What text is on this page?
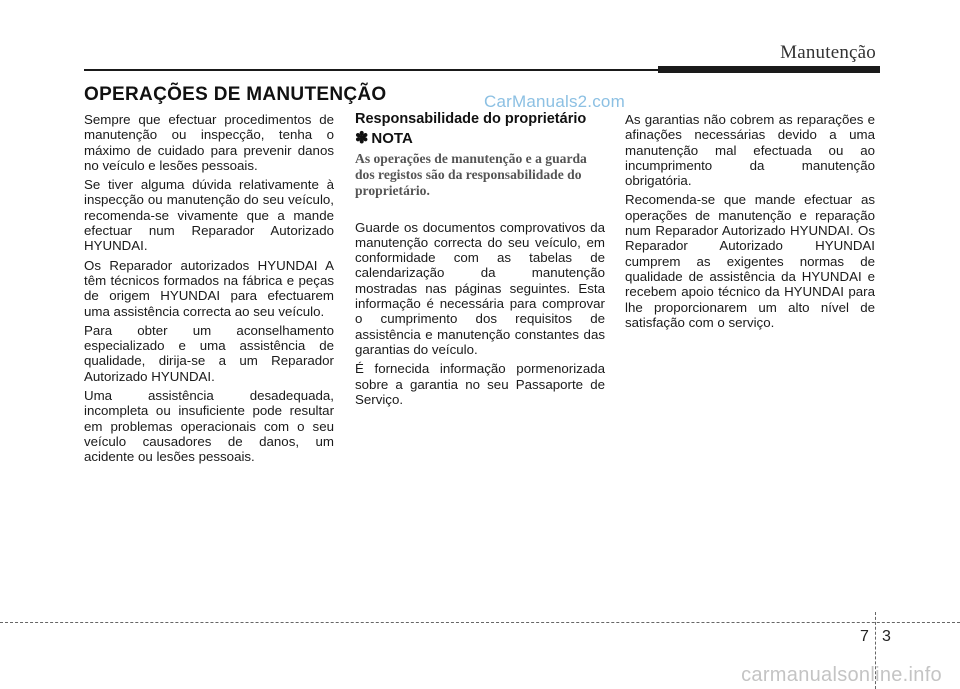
Manutenção
OPERAÇÕES DE MANUTENÇÃO	CarManuals2.com

Sempre que efectuar procedimentos de manutenção ou inspecção, tenha o máximo de cuidado para prevenir danos no veículo e lesões pessoais.

Se tiver alguma dúvida relativamente à inspecção ou manutenção do seu veículo, recomenda-se vivamente que a mande efectuar num Reparador Autorizado HYUNDAI.

Os Reparador autorizados HYUNDAI A têm técnicos formados na fábrica e peças de origem HYUNDAI para efectuarem uma assistência correcta ao seu veículo.

Para obter um aconselhamento especializado e uma assistência de qualidade, dirija-se a um Reparador Autorizado HYUNDAI.

Uma assistência desadequada, incompleta ou insuficiente pode resultar em problemas operacionais com o seu veículo causadores de danos, um acidente ou lesões pessoais.

Responsabilidade do proprietário

✽ NOTA

As operações de manutenção e a guarda dos registos são da responsabilidade do proprietário.

Guarde os documentos comprovativos da manutenção correcta do seu veículo, em conformidade com as tabelas de calendarização da manutenção mostradas nas páginas seguintes. Esta informação é necessária para comprovar o cumprimento dos requisitos de assistência e manutenção constantes das garantias do veículo.

É fornecida informação pormenorizada sobre a garantia no seu Passaporte de Serviço.

As garantias não cobrem as reparações e afinações necessárias devido a uma manutenção mal efectuada ou ao incumprimento da manutenção obrigatória.

Recomenda-se que mande efectuar as operações de manutenção e reparação num Reparador Autorizado HYUNDAI. Os Reparador Autorizado HYUNDAI cumprem as exigentes normas de qualidade de assistência da HYUNDAI e recebem apoio técnico da HYUNDAI para lhe proporcionarem um alto nível de satisfação com o serviço.

7 3
carmanualsonline.info
